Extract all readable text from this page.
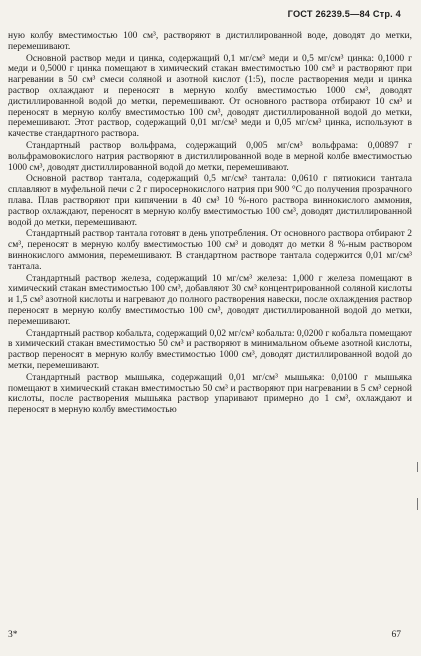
ГОСТ 26239.5—84 Стр. 4

ную колбу вместимостью 100 см³, растворяют в дистиллированной воде, доводят до метки, перемешивают.

Основной раствор меди и цинка, содержащий 0,1 мг/см³ меди и 0,5 мг/см³ цинка: 0,1000 г меди и 0,5000 г цинка помещают в химический стакан вместимостью 100 см³ и растворяют при нагревании в 50 см³ смеси соляной и азотной кислот (1:5), после растворения меди и цинка раствор охлаждают и переносят в мерную колбу вместимостью 1000 см³, доводят дистиллированной водой до метки, перемешивают. От основного раствора отбирают 10 см³ и переносят в мерную колбу вместимостью 100 см³, доводят дистиллированной водой до метки, перемешивают. Этот раствор, содержащий 0,01 мг/см³ меди и 0,05 мг/см³ цинка, используют в качестве стандартного раствора.

Стандартный раствор вольфрама, содержащий 0,005 мг/см³ вольфрама: 0,00897 г вольфрамовокислого натрия растворяют в дистиллированной воде в мерной колбе вместимостью 1000 см³, доводят дистиллированной водой до метки, перемешивают.

Основной раствор тантала, содержащий 0,5 мг/см³ тантала: 0,0610 г пятиокиси тантала сплавляют в муфельной печи с 2 г пиросернокислого натрия при 900 °С до получения прозрачного плава. Плав растворяют при кипячении в 40 см³ 10 %-ного раствора виннокислого аммония, раствор охлаждают, переносят в мерную колбу вместимостью 100 см³, доводят дистиллированной водой до метки, перемешивают.

Стандартный раствор тантала готовят в день употребления. От основного раствора отбирают 2 см³, переносят в мерную колбу вместимостью 100 см³ и доводят до метки 8 %-ным раствором виннокислого аммония, перемешивают. В стандартном растворе тантала содержится 0,01 мг/см³ тантала.

Стандартный раствор железа, содержащий 10 мг/см³ железа: 1,000 г железа помещают в химический стакан вместимостью 100 см³, добавляют 30 см³ концентрированной соляной кислоты и 1,5 см³ азотной кислоты и нагревают до полного растворения навески, после охлаждения раствор переносят в мерную колбу вместимостью 100 см³, доводят дистиллированной водой до метки, перемешивают.

Стандартный раствор кобальта, содержащий 0,02 мг/см³ кобальта: 0,0200 г кобальта помещают в химический стакан вместимостью 50 см³ и растворяют в минимальном объеме азотной кислоты, раствор переносят в мерную колбу вместимостью 1000 см³, доводят дистиллированной водой до метки, перемешивают.

Стандартный раствор мышьяка, содержащий 0,01 мг/см³ мышьяка: 0,0100 г мышьяка помещают в химический стакан вместимостью 50 см³ и растворяют при нагревании в 5 см³ серной кислоты, после растворения мышьяка раствор упаривают примерно до 1 см³, охлаждают и переносят в мерную колбу вместимостью

3*	67
